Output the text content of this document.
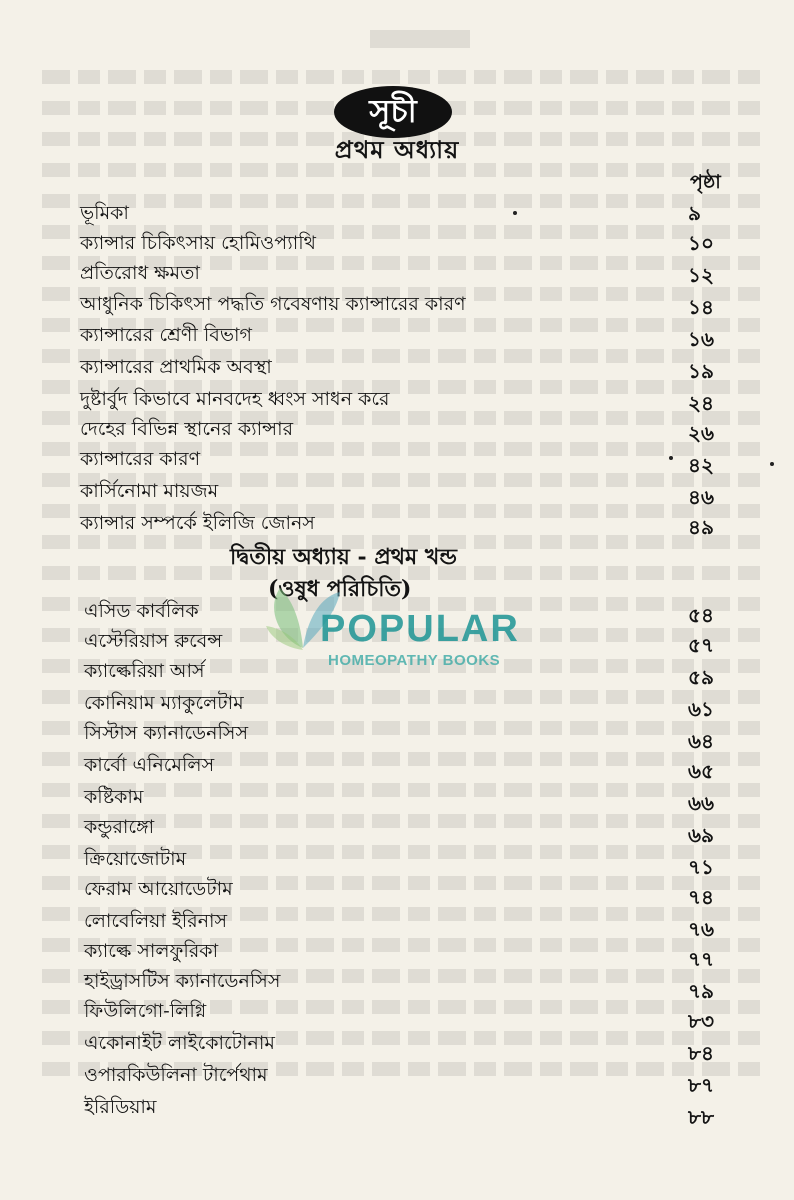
সূচী
প্রথম অধ্যায়
পৃষ্ঠা
ভূমিকা	৯
ক্যান্সার চিকিৎসায় হোমিওপ্যাথি	১০
প্রতিরোধ ক্ষমতা	১২
আধুনিক চিকিৎসা পদ্ধতি গবেষণায় ক্যান্সারের কারণ	১৪
ক্যান্সারের শ্রেণী বিভাগ	১৬
ক্যান্সারের প্রাথমিক অবস্থা	১৯
দুষ্টার্বুদ কিভাবে মানবদেহ ধ্বংস সাধন করে	২৪
দেহের বিভিন্ন স্থানের ক্যান্সার	২৬
ক্যান্সারের কারণ	৪২
কার্সিনোমা মায়জম	৪৬
ক্যান্সার সম্পর্কে ইলিজি জোনস	৪৯
দ্বিতীয় অধ্যায় - প্রথম খন্ড
(ওষুধ পরিচিতি)
এসিড কার্বলিক	৫৪
এস্টেরিয়াস রুবেন্স	৫৭
ক্যাল্কেরিয়া আর্স	৫৯
কোনিয়াম ম্যাকুলেটাম	৬১
সিস্টাস ক্যানাডেনসিস	৬৪
কার্বো এনিমেলিস	৬৫
কষ্টিকাম	৬৬
কন্ডুরাঙ্গো	৬৯
ক্রিয়োজোটাম	৭১
ফেরাম আয়োডেটাম	৭৪
লোবেলিয়া ইরিনাস	৭৬
ক্যাল্কে সালফুরিকা	৭৭
হাইড্রাসটিস ক্যানাডেনসিস	৭৯
ফিউলিগো-লিগ্নি	৮৩
একোনাইট লাইকোটোনাম	৮৪
ওপারকিউলিনা টার্পেথাম	৮৭
ইরিডিয়াম	৮৮
POPULAR
HOMEOPATHY BOOKS
